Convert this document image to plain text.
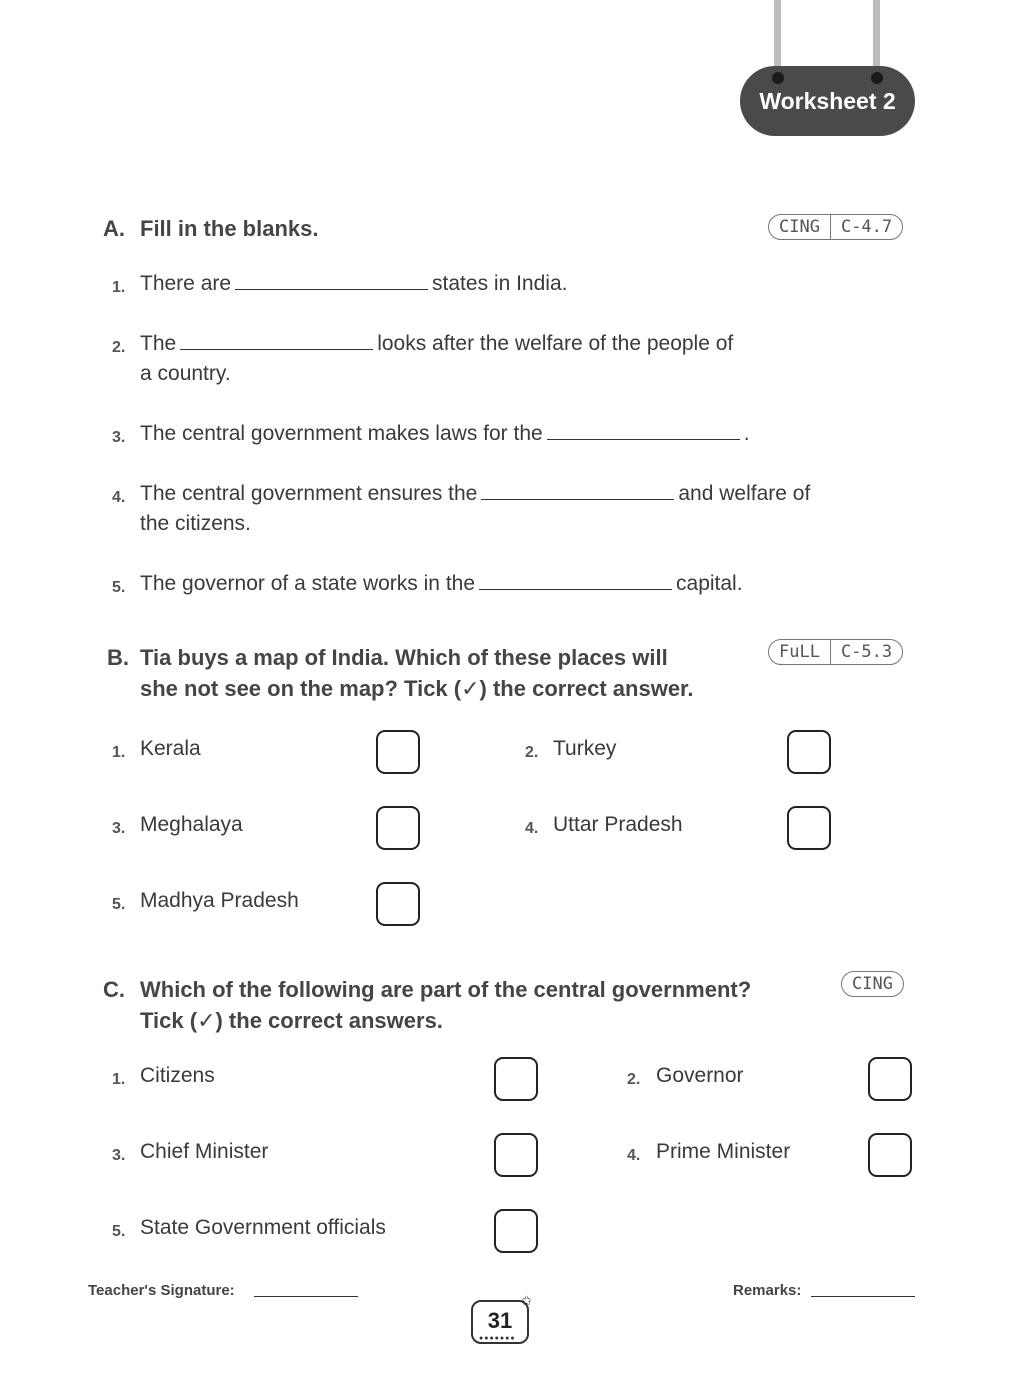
Worksheet 2
A. Fill in the blanks.	CING	C-4.7
1. There are	states in India.
2. The	looks after the welfare of the people of
a country.
3. The central government makes laws for the	.
4. The central government ensures the	and welfare of
the citizens.
5. The governor of a state works in the	capital.
B. Tia buys a map of India. Which of these places will
she not see on the map? Tick (✓) the correct answer.
FuLL	C-5.3
1. Kerala	2. Turkey
3. Meghalaya	4. Uttar Pradesh
5. Madhya Pradesh
C. Which of the following are part of the central government?
Tick (✓) the correct answers.
CING
1. Citizens	2. Governor
3. Chief Minister	4. Prime Minister
5. State Government officials
Teacher's Signature:	Remarks:
31
●●●●●●●
✩
